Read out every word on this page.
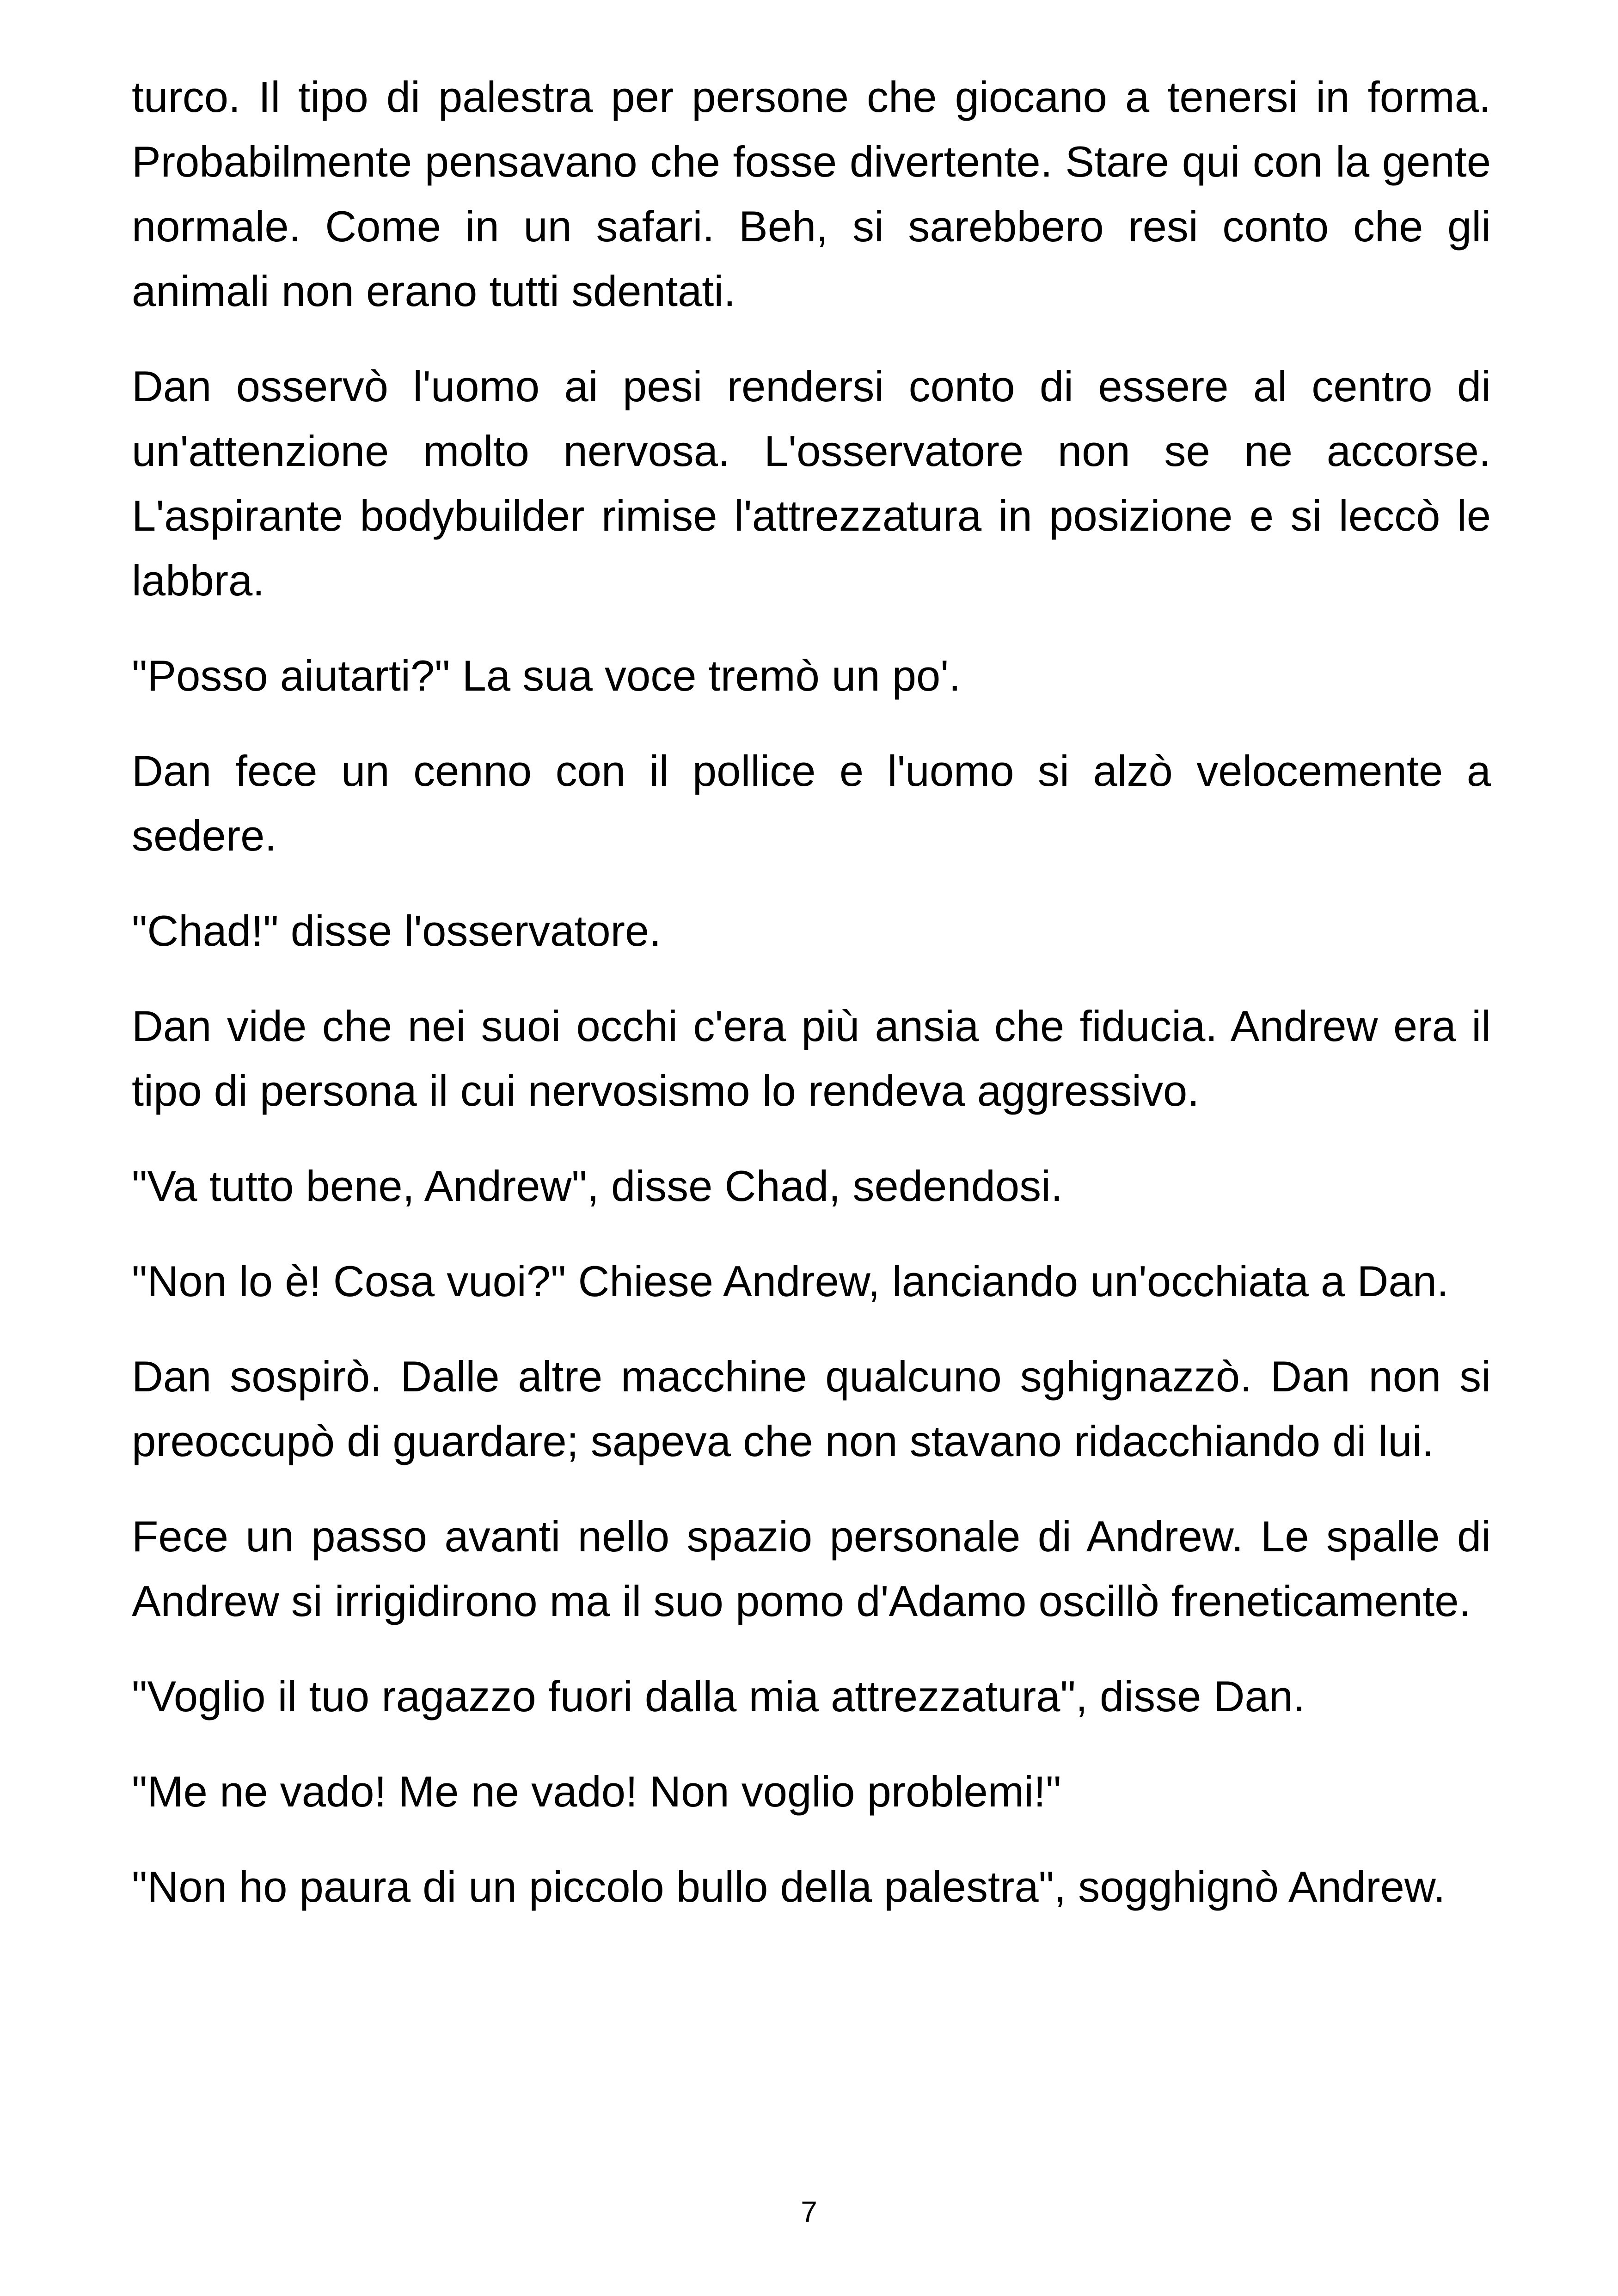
turco. Il tipo di palestra per persone che giocano a tenersi in forma. Probabilmente pensavano che fosse divertente. Stare qui con la gente normale. Come in un safari. Beh, si sarebbero resi conto che gli animali non erano tutti sdentati.

Dan osservò l'uomo ai pesi rendersi conto di essere al centro di un'attenzione molto nervosa. L'osservatore non se ne accorse. L'aspirante bodybuilder rimise l'attrezzatura in posizione e si leccò le labbra.

"Posso aiutarti?" La sua voce tremò un po'.

Dan fece un cenno con il pollice e l'uomo si alzò velocemente a sedere.

"Chad!" disse l'osservatore.

Dan vide che nei suoi occhi c'era più ansia che fiducia. Andrew era il tipo di persona il cui nervosismo lo rendeva aggressivo.

"Va tutto bene, Andrew", disse Chad, sedendosi.

"Non lo è! Cosa vuoi?" Chiese Andrew, lanciando un'occhiata a Dan.

Dan sospirò. Dalle altre macchine qualcuno sghignazzò. Dan non si preoccupò di guardare; sapeva che non stavano ridacchiando di lui.

Fece un passo avanti nello spazio personale di Andrew. Le spalle di Andrew si irrigidirono ma il suo pomo d'Adamo oscillò freneticamente.

"Voglio il tuo ragazzo fuori dalla mia attrezzatura", disse Dan.

"Me ne vado! Me ne vado! Non voglio problemi!"

"Non ho paura di un piccolo bullo della palestra", sogghignò Andrew.

7
